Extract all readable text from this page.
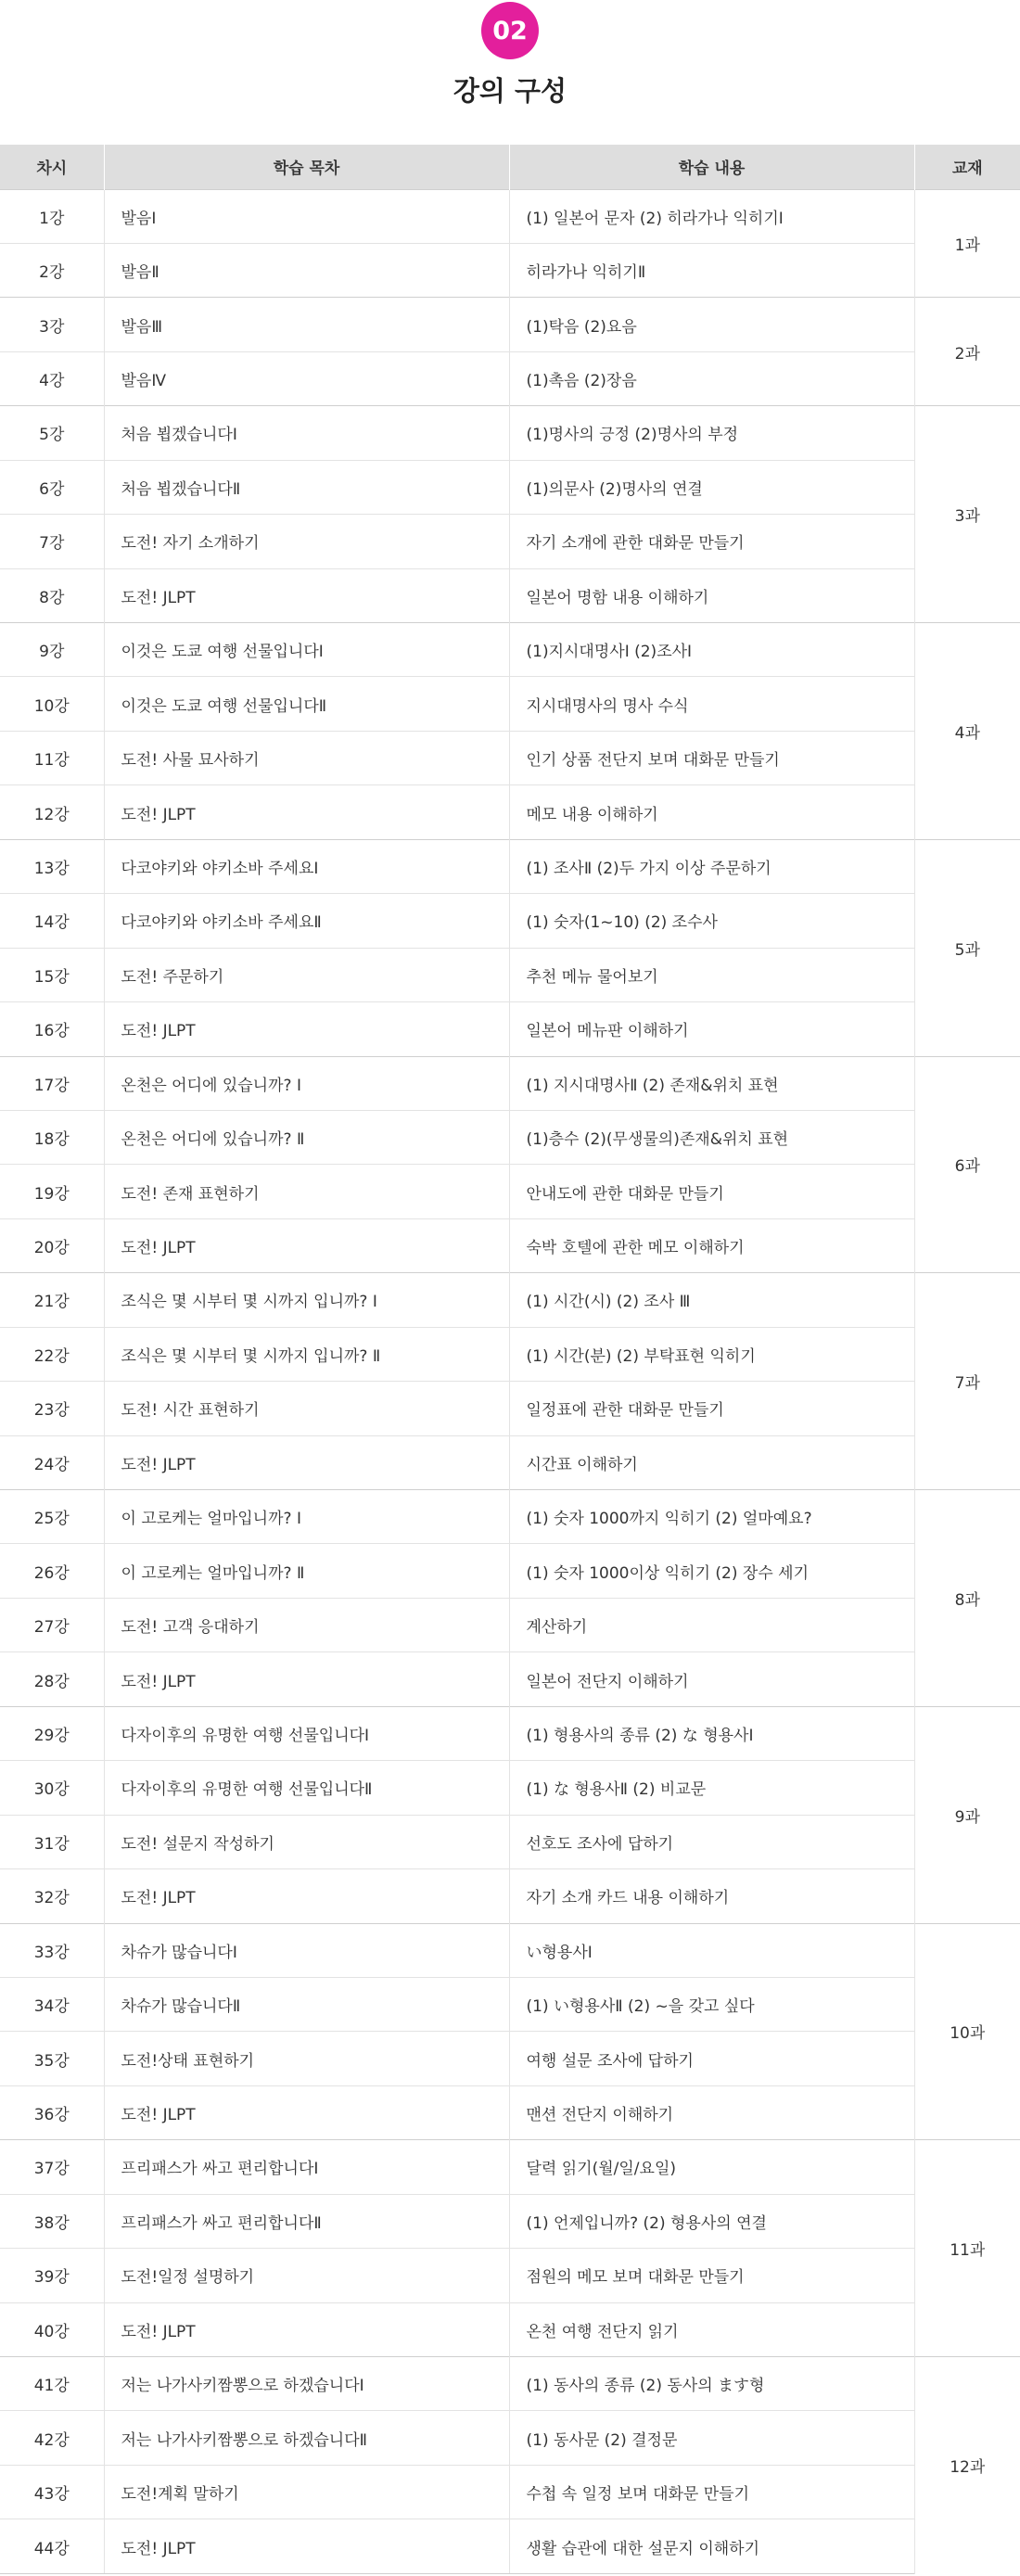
02
강의 구성
차시	학습 목차	학습 내용	교재
1강	발음Ⅰ	(1) 일본어 문자 (2) 히라가나 익히기Ⅰ	1과
2강	발음Ⅱ	히라가나 익히기Ⅱ	
3강	발음Ⅲ	(1)탁음 (2)요음	2과
4강	발음Ⅳ	(1)촉음 (2)장음	
5강	처음 뵙겠습니다Ⅰ	(1)명사의 긍정 (2)명사의 부정	3과
6강	처음 뵙겠습니다Ⅱ	(1)의문사 (2)명사의 연결	
7강	도전! 자기 소개하기	자기 소개에 관한 대화문 만들기	
8강	도전! JLPT	일본어 명함 내용 이해하기	
9강	이것은 도쿄 여행 선물입니다Ⅰ	(1)지시대명사Ⅰ (2)조사Ⅰ	4과
10강	이것은 도쿄 여행 선물입니다Ⅱ	지시대명사의 명사 수식	
11강	도전! 사물 묘사하기	인기 상품 전단지 보며 대화문 만들기	
12강	도전! JLPT	메모 내용 이해하기	
13강	다코야키와 야키소바 주세요Ⅰ	(1) 조사Ⅱ (2)두 가지 이상 주문하기	5과
14강	다코야키와 야키소바 주세요Ⅱ	(1) 숫자(1~10) (2) 조수사	
15강	도전! 주문하기	추천 메뉴 물어보기	
16강	도전! JLPT	일본어 메뉴판 이해하기	
17강	온천은 어디에 있습니까? Ⅰ	(1) 지시대명사Ⅱ (2) 존재&위치 표현	6과
18강	온천은 어디에 있습니까? Ⅱ	(1)층수 (2)(무생물의)존재&위치 표현	
19강	도전! 존재 표현하기	안내도에 관한 대화문 만들기	
20강	도전! JLPT	숙박 호텔에 관한 메모 이해하기	
21강	조식은 몇 시부터 몇 시까지 입니까? Ⅰ	(1) 시간(시) (2) 조사 Ⅲ	7과
22강	조식은 몇 시부터 몇 시까지 입니까? Ⅱ	(1) 시간(분) (2) 부탁표현 익히기	
23강	도전! 시간 표현하기	일정표에 관한 대화문 만들기	
24강	도전! JLPT	시간표 이해하기	
25강	이 고로케는 얼마입니까? Ⅰ	(1) 숫자 1000까지 익히기 (2) 얼마예요?	8과
26강	이 고로케는 얼마입니까? Ⅱ	(1) 숫자 1000이상 익히기 (2) 장수 세기	
27강	도전! 고객 응대하기	계산하기	
28강	도전! JLPT	일본어 전단지 이해하기	
29강	다자이후의 유명한 여행 선물입니다Ⅰ	(1) 형용사의 종류 (2) な 형용사Ⅰ	9과
30강	다자이후의 유명한 여행 선물입니다Ⅱ	(1) な 형용사Ⅱ (2) 비교문	
31강	도전! 설문지 작성하기	선호도 조사에 답하기	
32강	도전! JLPT	자기 소개 카드 내용 이해하기	
33강	차슈가 많습니다Ⅰ	い형용사Ⅰ	10과
34강	차슈가 많습니다Ⅱ	(1) い형용사Ⅱ (2) ~을 갖고 싶다	
35강	도전!상태 표현하기	여행 설문 조사에 답하기	
36강	도전! JLPT	맨션 전단지 이해하기	
37강	프리패스가 싸고 편리합니다Ⅰ	달력 읽기(월/일/요일)	11과
38강	프리패스가 싸고 편리합니다Ⅱ	(1) 언제입니까? (2) 형용사의 연결	
39강	도전!일정 설명하기	점원의 메모 보며 대화문 만들기	
40강	도전! JLPT	온천 여행 전단지 읽기	
41강	저는 나가사키짬뽕으로 하겠습니다Ⅰ	(1) 동사의 종류 (2) 동사의 ます형	12과
42강	저는 나가사키짬뽕으로 하겠습니다Ⅱ	(1) 동사문 (2) 결정문	
43강	도전!계획 말하기	수첩 속 일정 보며 대화문 만들기	
44강	도전! JLPT	생활 습관에 대한 설문지 이해하기	
